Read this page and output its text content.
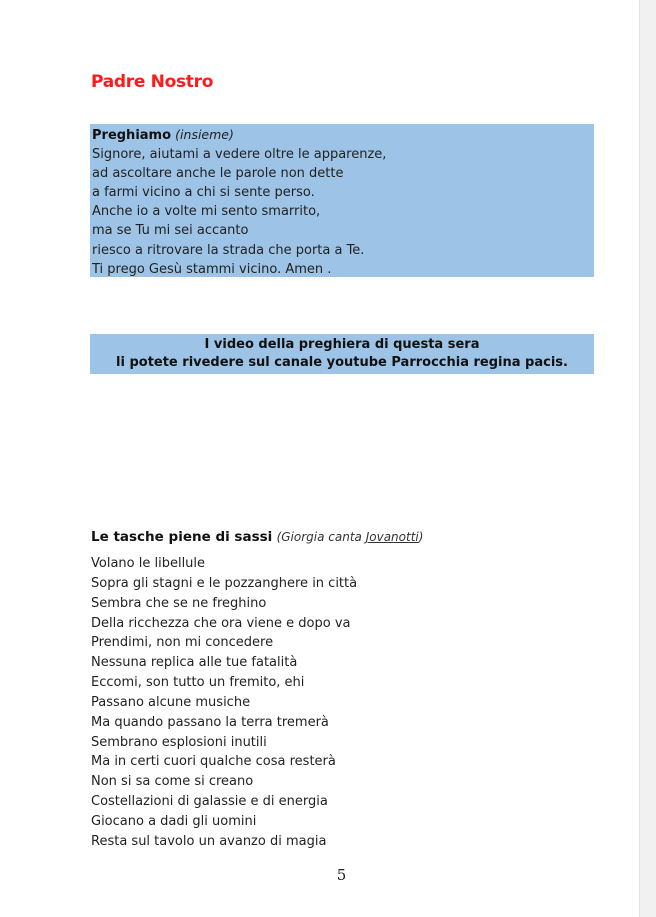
Padre Nostro
Preghiamo (insieme)
Signore, aiutami a vedere oltre le apparenze,
ad ascoltare anche le parole non dette
a farmi vicino a chi si sente perso.
Anche io a volte mi sento smarrito,
ma se Tu mi sei accanto
riesco a ritrovare la strada che porta a Te.
Ti prego Gesù stammi vicino. Amen .
I video della preghiera di questa sera
li potete rivedere sul canale youtube Parrocchia regina pacis.
Le tasche piene di sassi (Giorgia canta Jovanotti)
Volano le libellule
Sopra gli stagni e le pozzanghere in città
Sembra che se ne freghino
Della ricchezza che ora viene e dopo va
Prendimi, non mi concedere
Nessuna replica alle tue fatalità
Eccomi, son tutto un fremito, ehi
Passano alcune musiche
Ma quando passano la terra tremerà
Sembrano esplosioni inutili
Ma in certi cuori qualche cosa resterà
Non si sa come si creano
Costellazioni di galassie e di energia
Giocano a dadi gli uomini
Resta sul tavolo un avanzo di magia
5
